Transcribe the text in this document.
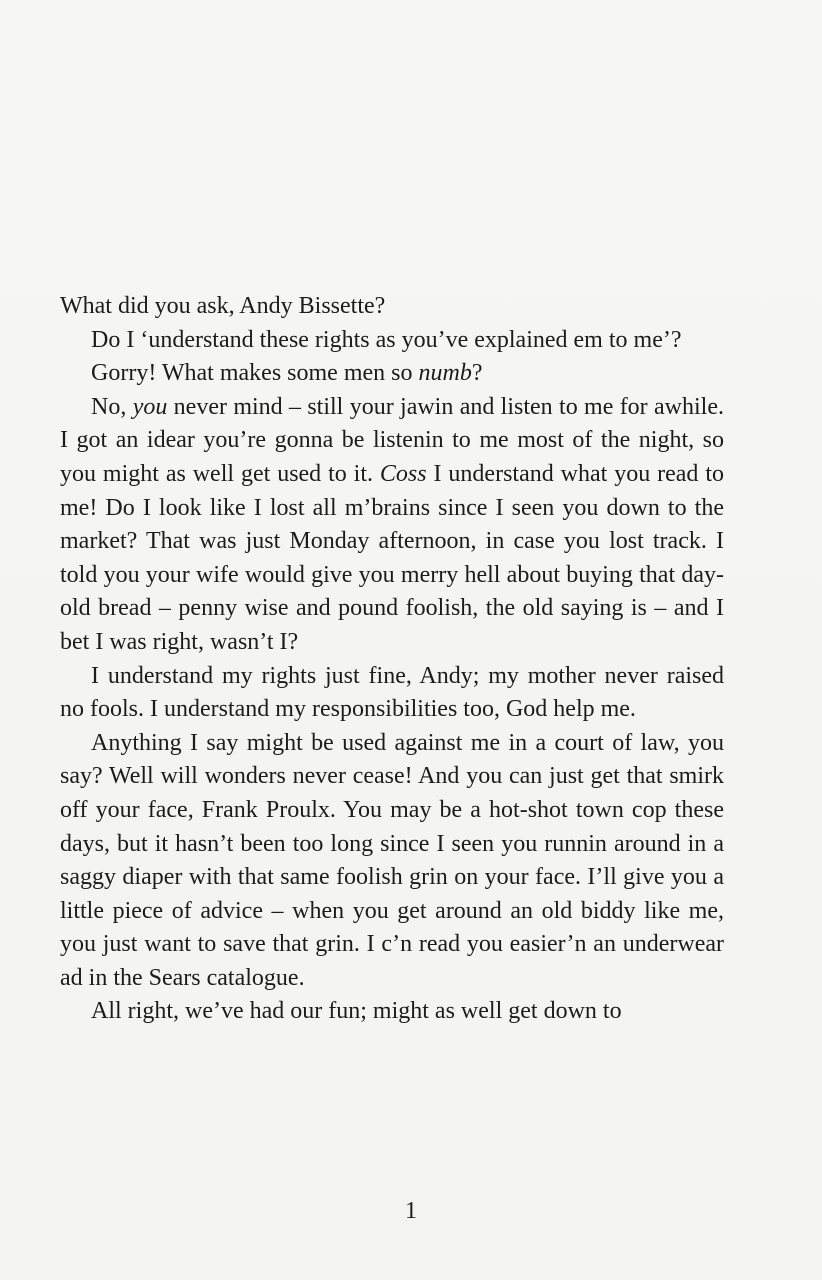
What did you ask, Andy Bissette?

Do I ‘understand these rights as you’ve explained em to me’?

Gorry! What makes some men so numb?

No, you never mind – still your jawin and listen to me for awhile. I got an idear you’re gonna be listenin to me most of the night, so you might as well get used to it. Coss I understand what you read to me! Do I look like I lost all m’brains since I seen you down to the market? That was just Monday afternoon, in case you lost track. I told you your wife would give you merry hell about buying that day-old bread – penny wise and pound foolish, the old saying is – and I bet I was right, wasn’t I?

I understand my rights just fine, Andy; my mother never raised no fools. I understand my responsibilities too, God help me.

Anything I say might be used against me in a court of law, you say? Well will wonders never cease! And you can just get that smirk off your face, Frank Proulx. You may be a hot-shot town cop these days, but it hasn’t been too long since I seen you runnin around in a saggy diaper with that same foolish grin on your face. I’ll give you a little piece of advice – when you get around an old biddy like me, you just want to save that grin. I c’n read you easier’n an underwear ad in the Sears catalogue.

All right, we’ve had our fun; might as well get down to

1
